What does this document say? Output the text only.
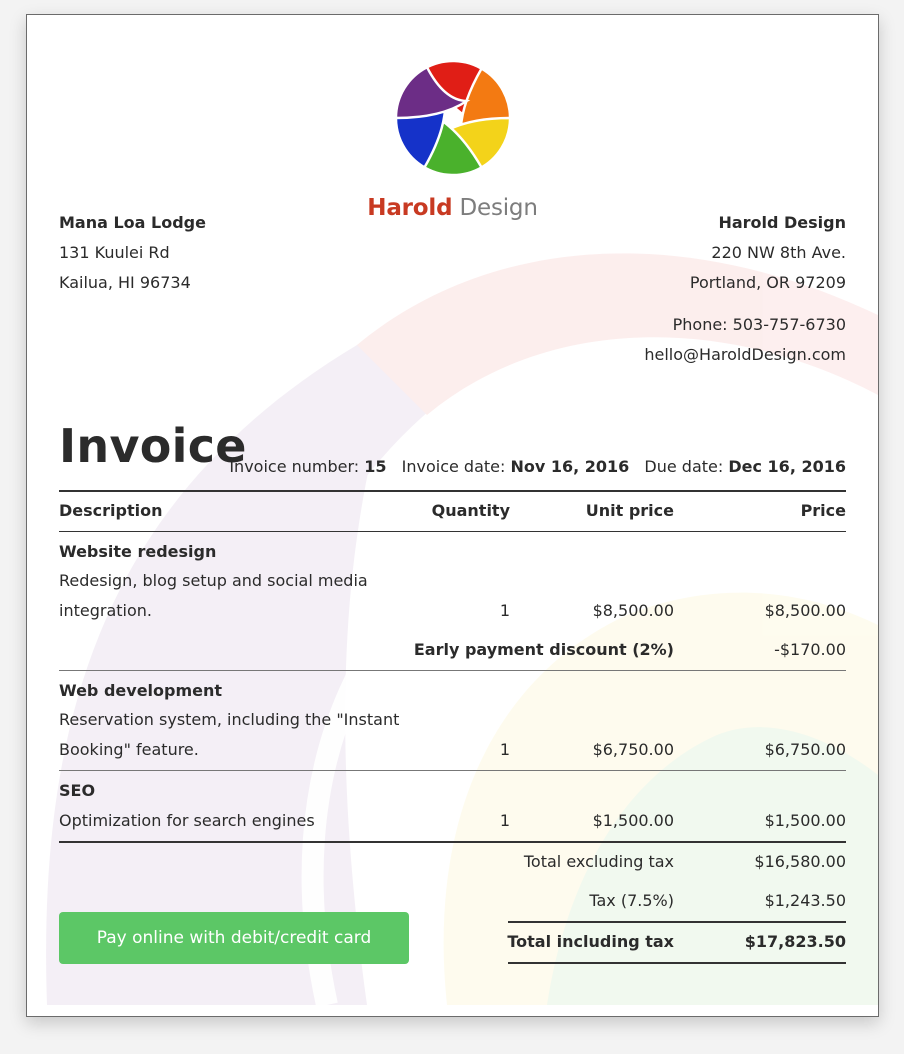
Harold Design
Mana Loa Lodge
131 Kuulei Rd
Kailua, HI 96734
Harold Design
220 NW 8th Ave.
Portland, OR 97209
Phone: 503-757-6730
hello@HaroldDesign.com
Invoice
Invoice number: 15 Invoice date: Nov 16, 2016 Due date: Dec 16, 2016
Description	Quantity	Unit price	Price
Website redesign
Redesign, blog setup and social media
integration.	1	$8,500.00	$8,500.00
Early payment discount (2%)	-$170.00
Web development
Reservation system, including the "Instant
Booking" feature.	1	$6,750.00	$6,750.00
SEO
Optimization for search engines	1	$1,500.00	$1,500.00
Total excluding tax	$16,580.00
Tax (7.5%)	$1,243.50
Total including tax	$17,823.50
Pay online with debit/credit card
